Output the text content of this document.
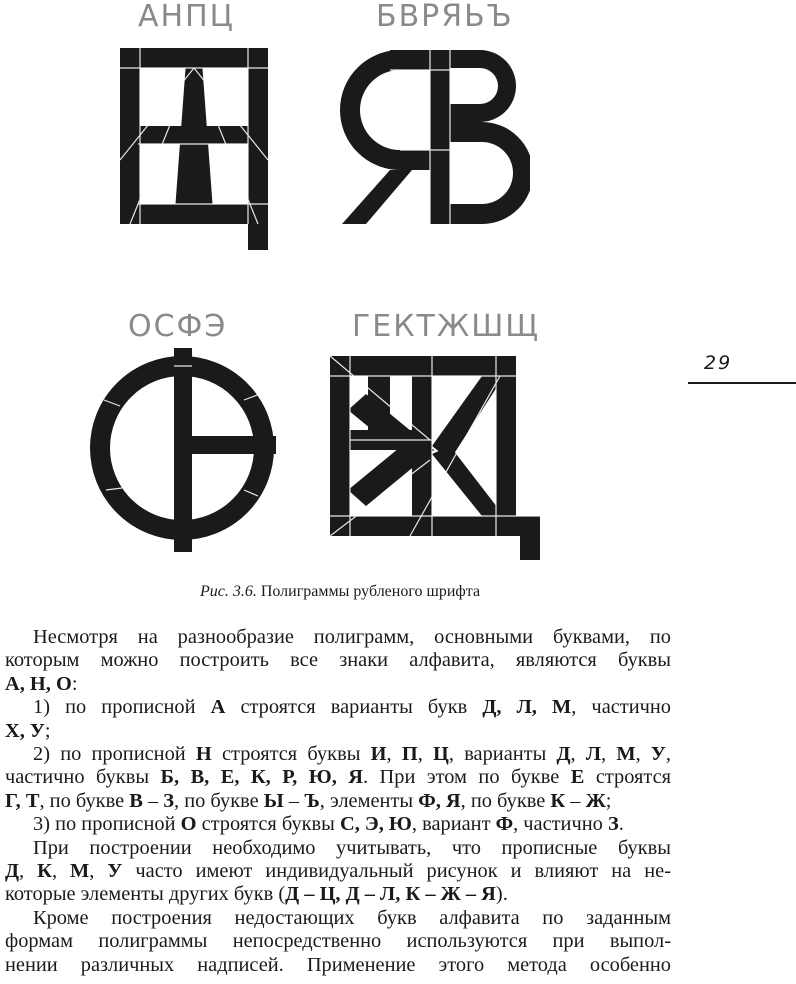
АНПЦ	БВРЯЬЪ
ОСФЭ	ГЕКТЖШЩ
29
Рис. 3.6. Полиграммы рубленого шрифта

Несмотря на разнообразие полиграмм, основными буквами, по

которым можно построить все знаки алфавита, являются буквы

А, Н, О:

1) по прописной А строятся варианты букв Д, Л, М, частично

Х, У;

2) по прописной Н строятся буквы И, П, Ц, варианты Д, Л, М, У,

частично буквы Б, В, Е, К, Р, Ю, Я. При этом по букве Е строятся

Г, Т, по букве В – З, по букве Ы – Ъ, элементы Ф, Я, по букве К – Ж;

3) по прописной О строятся буквы С, Э, Ю, вариант Ф, частично З.

При построении необходимо учитывать, что прописные буквы

Д, К, М, У часто имеют индивидуальный рисунок и влияют на не-

которые элементы других букв (Д – Ц, Д – Л, К – Ж – Я).

Кроме построения недостающих букв алфавита по заданным

формам полиграммы непосредственно используются при выпол-

нении различных надписей. Применение этого метода особенно
